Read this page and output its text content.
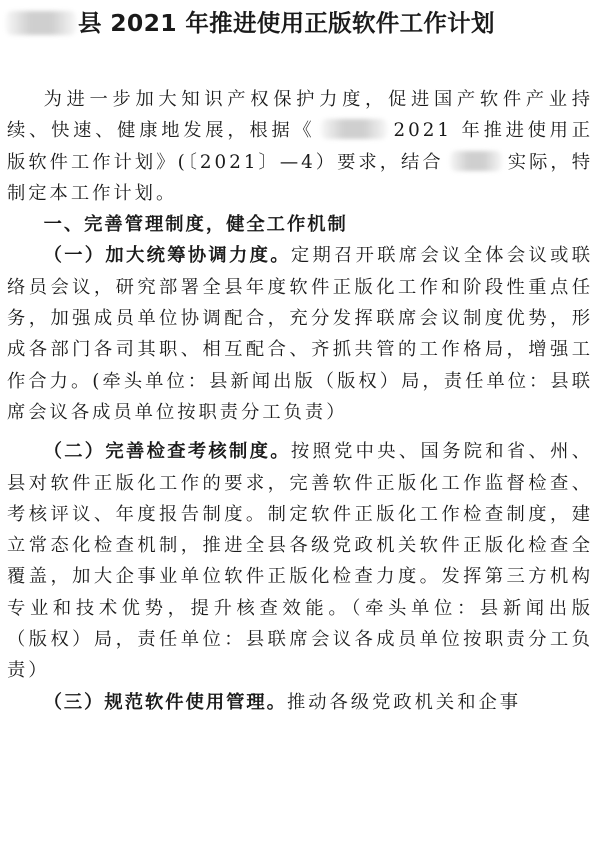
县 2021 年推进使用正版软件工作计划

为进一步加大知识产权保护力度，促进国产软件产业持续、快速、健康地发展，根据《	2021 年推进使用正版软件工作计划》(〔2021〕—4）要求，结合	实际，特制定本工作计划。

一、完善管理制度，健全工作机制

（一）加大统筹协调力度。定期召开联席会议全体会议或联络员会议，研究部署全县年度软件正版化工作和阶段性重点任务，加强成员单位协调配合，充分发挥联席会议制度优势，形成各部门各司其职、相互配合、齐抓共管的工作格局，增强工作合力。(牵头单位：县新闻出版（版权）局，责任单位：县联席会议各成员单位按职责分工负责）

（二）完善检查考核制度。按照党中央、国务院和省、州、县对软件正版化工作的要求，完善软件正版化工作监督检查、考核评议、年度报告制度。制定软件正版化工作检查制度，建立常态化检查机制，推进全县各级党政机关软件正版化检查全覆盖，加大企事业单位软件正版化检查力度。发挥第三方机构专业和技术优势，提升核查效能。（牵头单位：县新闻出版（版权）局，责任单位：县联席会议各成员单位按职责分工负责）

（三）规范软件使用管理。推动各级党政机关和企事
